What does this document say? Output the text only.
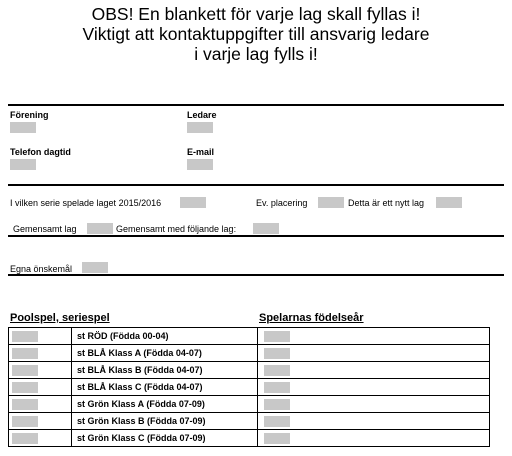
OBS! En blankett för varje lag skall fyllas i!
Viktigt att kontaktuppgifter till ansvarig ledare
i varje lag fylls i!
Förening	Ledare
Telefon dagtid	E-mail
I vilken serie spelade laget 2015/2016	Ev. placering	Detta är ett nytt lag
Gemensamt lag	Gemensamt med följande lag:
Egna önskemål
Poolspel, seriespel	Spelarnas födelseår
	st RÖD (Födda 00-04)	
	st BLÅ Klass A (Födda 04-07)	
	st BLÅ Klass B (Födda 04-07)	
	st BLÅ Klass C (Födda 04-07)	
	st Grön Klass A (Födda 07-09)	
	st Grön Klass B (Födda 07-09)	
	st Grön Klass C (Födda 07-09)	
